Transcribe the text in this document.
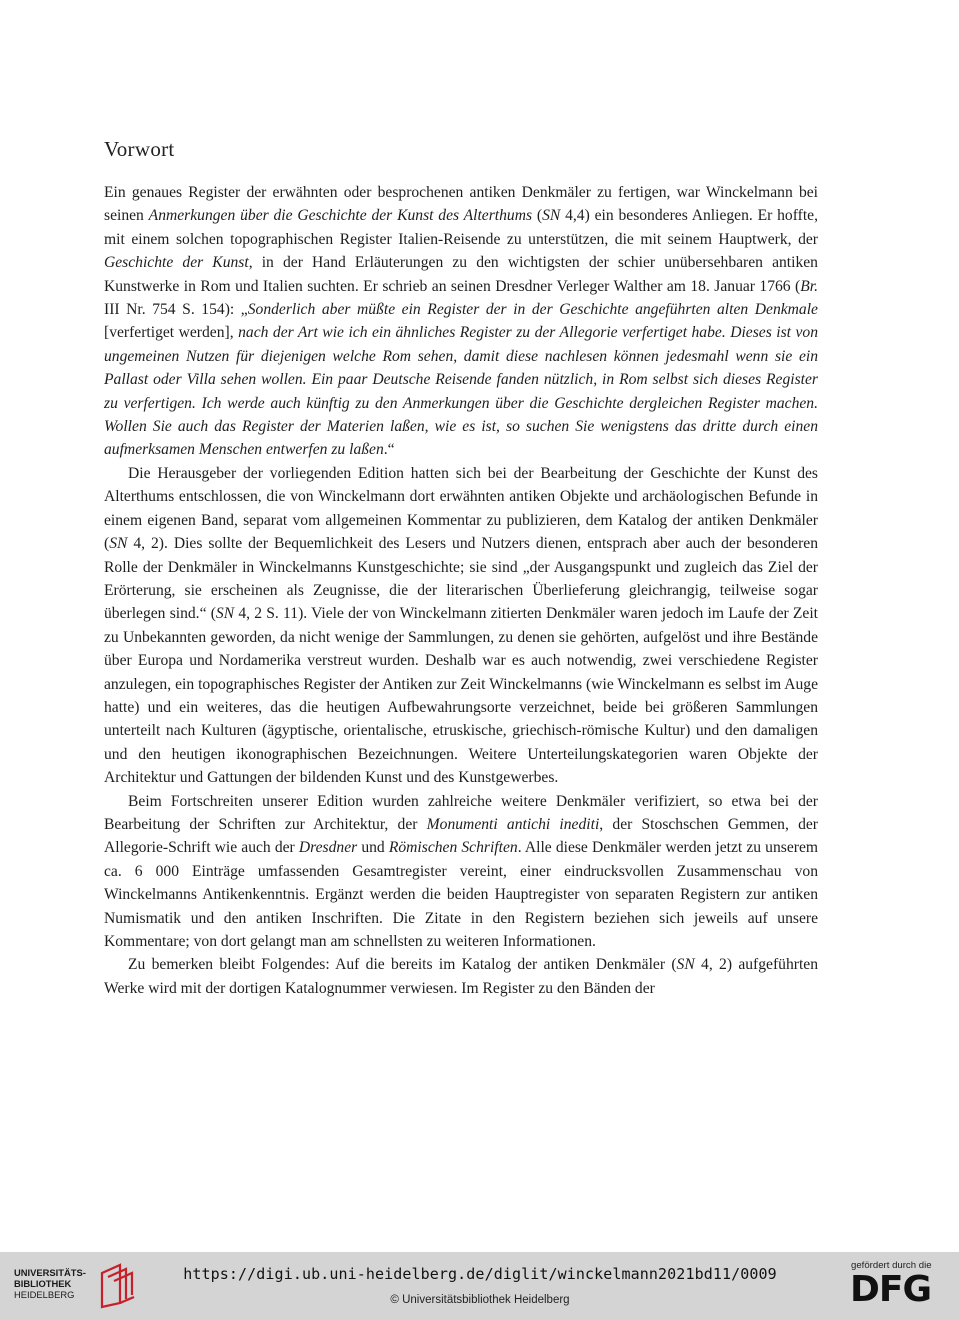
Vorwort

Ein genaues Register der erwähnten oder besprochenen antiken Denkmäler zu fertigen, war Winckelmann bei seinen Anmerkungen über die Geschichte der Kunst des Alterthums (SN 4,4) ein besonderes Anliegen. Er hoffte, mit einem solchen topographischen Register Italien-Reisende zu unterstützen, die mit seinem Hauptwerk, der Geschichte der Kunst, in der Hand Erläuterungen zu den wichtigsten der schier unübersehbaren antiken Kunstwerke in Rom und Italien suchten. Er schrieb an seinen Dresdner Verleger Walther am 18. Januar 1766 (Br. III Nr. 754 S. 154): „Sonderlich aber müßte ein Register der in der Geschichte angeführten alten Denkmale [verfertiget werden], nach der Art wie ich ein ähnliches Register zu der Allegorie verfertiget habe. Dieses ist von ungemeinen Nutzen für diejenigen welche Rom sehen, damit diese nachlesen können jedesmahl wenn sie ein Pallast oder Villa sehen wollen. Ein paar Deutsche Reisende fanden nützlich, in Rom selbst sich dieses Register zu verfertigen. Ich werde auch künftig zu den Anmerkungen über die Geschichte dergleichen Register machen. Wollen Sie auch das Register der Materien laßen, wie es ist, so suchen Sie wenigstens das dritte durch einen aufmerksamen Menschen entwerfen zu laßen.“

Die Herausgeber der vorliegenden Edition hatten sich bei der Bearbeitung der Geschichte der Kunst des Alterthums entschlossen, die von Winckelmann dort erwähnten antiken Objekte und archäologischen Befunde in einem eigenen Band, separat vom allgemeinen Kommentar zu publizieren, dem Katalog der antiken Denkmäler (SN 4, 2). Dies sollte der Bequemlichkeit des Lesers und Nutzers dienen, entsprach aber auch der besonderen Rolle der Denkmäler in Winckelmanns Kunstgeschichte; sie sind „der Ausgangspunkt und zugleich das Ziel der Erörterung, sie erscheinen als Zeugnisse, die der literarischen Überlieferung gleichrangig, teilweise sogar überlegen sind.“ (SN 4, 2 S. 11). Viele der von Winckelmann zitierten Denkmäler waren jedoch im Laufe der Zeit zu Unbekannten geworden, da nicht wenige der Sammlungen, zu denen sie gehörten, aufgelöst und ihre Bestände über Europa und Nordamerika verstreut wurden. Deshalb war es auch notwendig, zwei verschiedene Register anzulegen, ein topographisches Register der Antiken zur Zeit Winckelmanns (wie Winckelmann es selbst im Auge hatte) und ein weiteres, das die heutigen Aufbewahrungsorte verzeichnet, beide bei größeren Sammlungen unterteilt nach Kulturen (ägyptische, orientalische, etruskische, griechisch-römische Kultur) und den damaligen und den heutigen ikonographischen Bezeichnungen. Weitere Unterteilungskategorien waren Objekte der Architektur und Gattungen der bildenden Kunst und des Kunstgewerbes.

Beim Fortschreiten unserer Edition wurden zahlreiche weitere Denkmäler verifiziert, so etwa bei der Bearbeitung der Schriften zur Architektur, der Monumenti antichi inediti, der Stoschschen Gemmen, der Allegorie-Schrift wie auch der Dresdner und Römischen Schriften. Alle diese Denkmäler werden jetzt zu unserem ca. 6 000 Einträge umfassenden Gesamtregister vereint, einer eindrucksvollen Zusammenschau von Winckelmanns Antikenkenntnis. Ergänzt werden die beiden Hauptregister von separaten Registern zur antiken Numismatik und den antiken Inschriften. Die Zitate in den Registern beziehen sich jeweils auf unsere Kommentare; von dort gelangt man am schnellsten zu weiteren Informationen.

Zu bemerken bleibt Folgendes: Auf die bereits im Katalog der antiken Denkmäler (SN 4, 2) aufgeführten Werke wird mit der dortigen Katalognummer verwiesen. Im Register zu den Bänden der

UNIVERSITÄTS-
BIBLIOTHEK
HEIDELBERG

https://digi.ub.uni-heidelberg.de/diglit/winckelmann2021bd11/0009
© Universitätsbibliothek Heidelberg
gefördert durch die
DFG
